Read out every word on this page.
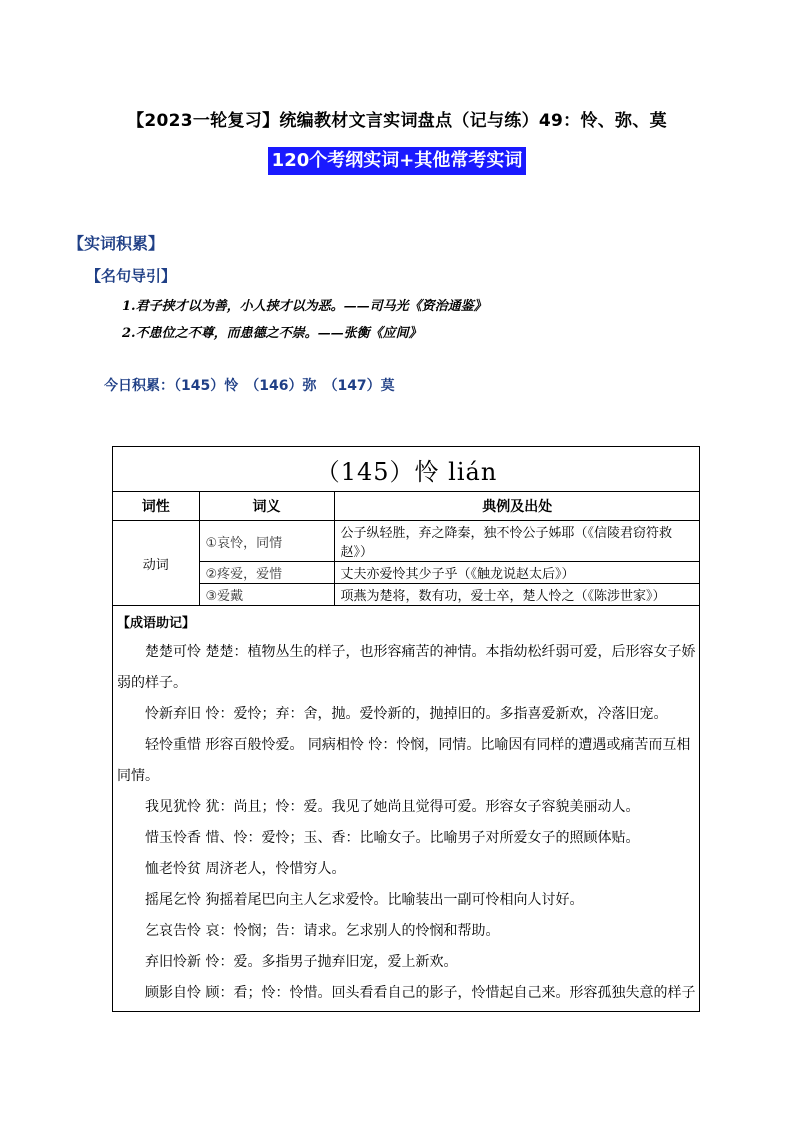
【2023一轮复习】统编教材文言实词盘点（记与练）49：怜、弥、莫
120个考纲实词+其他常考实词
【实词积累】
【名句导引】
1.君子挟才以为善，小人挟才以为恶。——司马光《资治通鉴》
2.不患位之不尊，而患德之不崇。——张衡《应间》
今日积累：（145）怜　（146）弥　（147）莫
（145）怜 lián		
词性	词义	典例及出处
动词	①哀怜，同情	公子纵轻胜，弃之降秦，独不怜公子姊耶（《信陵君窃符救赵》）
	②疼爱，爱惜	丈夫亦爱怜其少子乎（《触龙说赵太后》）
	③爱戴	项燕为楚将，数有功，爱士卒，楚人怜之（《陈涉世家》）
【成语助记】

楚楚可怜 楚楚：植物丛生的样子，也形容痛苦的神情。本指幼松纤弱可爱，后形容女子娇弱的样子。

怜新弃旧 怜：爱怜；弃：舍，抛。爱怜新的，抛掉旧的。多指喜爱新欢，冷落旧宠。

轻怜重惜 形容百般怜爱。 同病相怜 怜：怜悯，同情。比喻因有同样的遭遇或痛苦而互相同情。

我见犹怜 犹：尚且；怜：爱。我见了她尚且觉得可爱。形容女子容貌美丽动人。

惜玉怜香 惜、怜：爱怜；玉、香：比喻女子。比喻男子对所爱女子的照顾体贴。

恤老怜贫 周济老人，怜惜穷人。

摇尾乞怜 狗摇着尾巴向主人乞求爱怜。比喻装出一副可怜相向人讨好。

乞哀告怜 哀：怜悯；告：请求。乞求别人的怜悯和帮助。

弃旧怜新 怜：爱。多指男子抛弃旧宠，爱上新欢。

顾影自怜 顾：看；怜：怜惜。回头看看自己的影子，怜惜起自己来。形容孤独失意的样子
